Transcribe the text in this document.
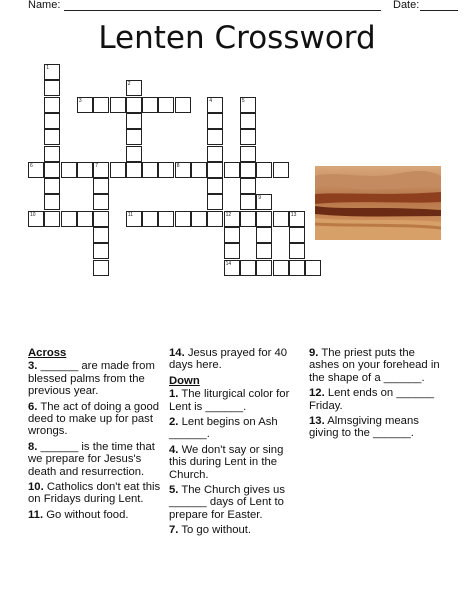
Name:	Date:
Lenten Crossword
1
2
3	4	5
6	7	8
9
10	11	12	13
14
Across
3. ______ are made from blessed palms from the previous year.
6. The act of doing a good deed to make up for past wrongs.
8. ______ is the time that we prepare for Jesus's death and resurrection.
10. Catholics don't eat this on Fridays during Lent.
11. Go without food.
14. Jesus prayed for 40 days here.
Down
1. The liturgical color for Lent is ______.
2. Lent begins on Ash ______.
4. We don't say or sing this during Lent in the Church.
5. The Church gives us ______ days of Lent to prepare for Easter.
7. To go without.
9. The priest puts the ashes on your forehead in the shape of a ______.
12. Lent ends on ______ Friday.
13. Almsgiving means giving to the ______.
